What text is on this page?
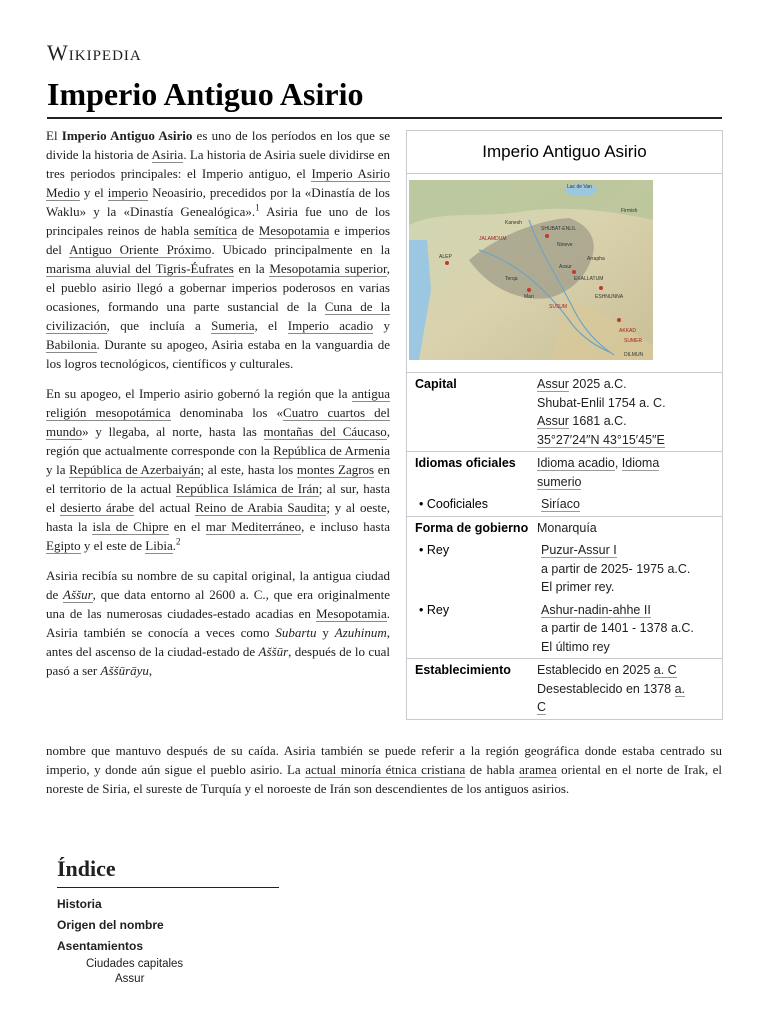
Wikipedia
Imperio Antiguo Asirio

El Imperio Antiguo Asirio es uno de los períodos en los que se divide la historia de Asiria. La historia de Asiria suele dividirse en tres periodos principales: el Imperio antiguo, el Imperio Asirio Medio y el imperio Neoasirio, precedidos por la «Dinastía de los Waklu» y la «Dinastía Genealógica».$^1$ Asiria fue uno de los principales reinos de habla semítica de Mesopotamia e imperios del Antiguo Oriente Próximo. Ubicado principalmente en la marisma aluvial del Tigris-Éufrates en la Mesopotamia superior, el pueblo asirio llegó a gobernar imperios poderosos en varias ocasiones, formando una parte sustancial de la Cuna de la civilización, que incluía a Sumeria, el Imperio acadio y Babilonia. Durante su apogeo, Asiria estaba en la vanguardia de los logros tecnológicos, científicos y culturales.

En su apogeo, el Imperio asirio gobernó la región que la antigua religión mesopotámica denominaba los «Cuatro cuartos del mundo» y llegaba, al norte, hasta las montañas del Cáucaso, región que actualmente corresponde con la República de Armenia y la República de Azerbaiyán; al este, hasta los montes Zagros en el territorio de la actual República Islámica de Irán; al sur, hasta el desierto árabe del actual Reino de Arabia Saudita; y al oeste, hasta la isla de Chipre en el mar Mediterráneo, e incluso hasta Egipto y el este de Libia.$^2$

Asiria recibía su nombre de su capital original, la antigua ciudad de Aššur, que data entorno al 2600 a. C., que era originalmente una de las numerosas ciudades-estado acadias en Mesopotamia. Asiria también se conocía a veces como Subartu y Azuhinum, antes del ascenso de la ciudad-estado de Aššūr, después de lo cual pasó a ser Aššūrāyu,

nombre que mantuvo después de su caída. Asiria también se puede referir a la región geográfica donde estaba centrado su imperio, y donde aún sigue el pueblo asirio. La actual minoría étnica cristiana de habla aramea oriental en el norte de Irak, el noreste de Siria, el sureste de Turquía y el noroeste de Irán son descendientes de los antiguos asirios.

Imperio Antiguo Asirio
Lac de Van
Firmish
ALEP
JALAMDUM
SHUBAT-ENLIL
Mari
Assur
EKALLATUM
Terqa
ESHNUNNA
SUSUM
DILMUN
AKKAD
SUMER
Kanesh
Nineve
Arrapha
Capital	Assur 2025 a.C.
Shubat-Enlil 1754 a. C.
Assur 1681 a.C.
35°27′24″N 43°15′45″E
Idiomas oficiales	Idioma acadio, Idioma
sumerio
• Cooficiales	Siríaco
Forma de gobierno Monarquía
• Rey	Puzur-Assur I
a partir de 2025- 1975 a.C.
El primer rey.
• Rey	Ashur-nadin-ahhe II
a partir de 1401 - 1378 a.C.
El último rey
Establecimiento	Establecido en 2025 a. C
Desestablecido en 1378 a.
C
Índice
Historia
Origen del nombre
Asentamientos
Ciudades capitales
Assur
